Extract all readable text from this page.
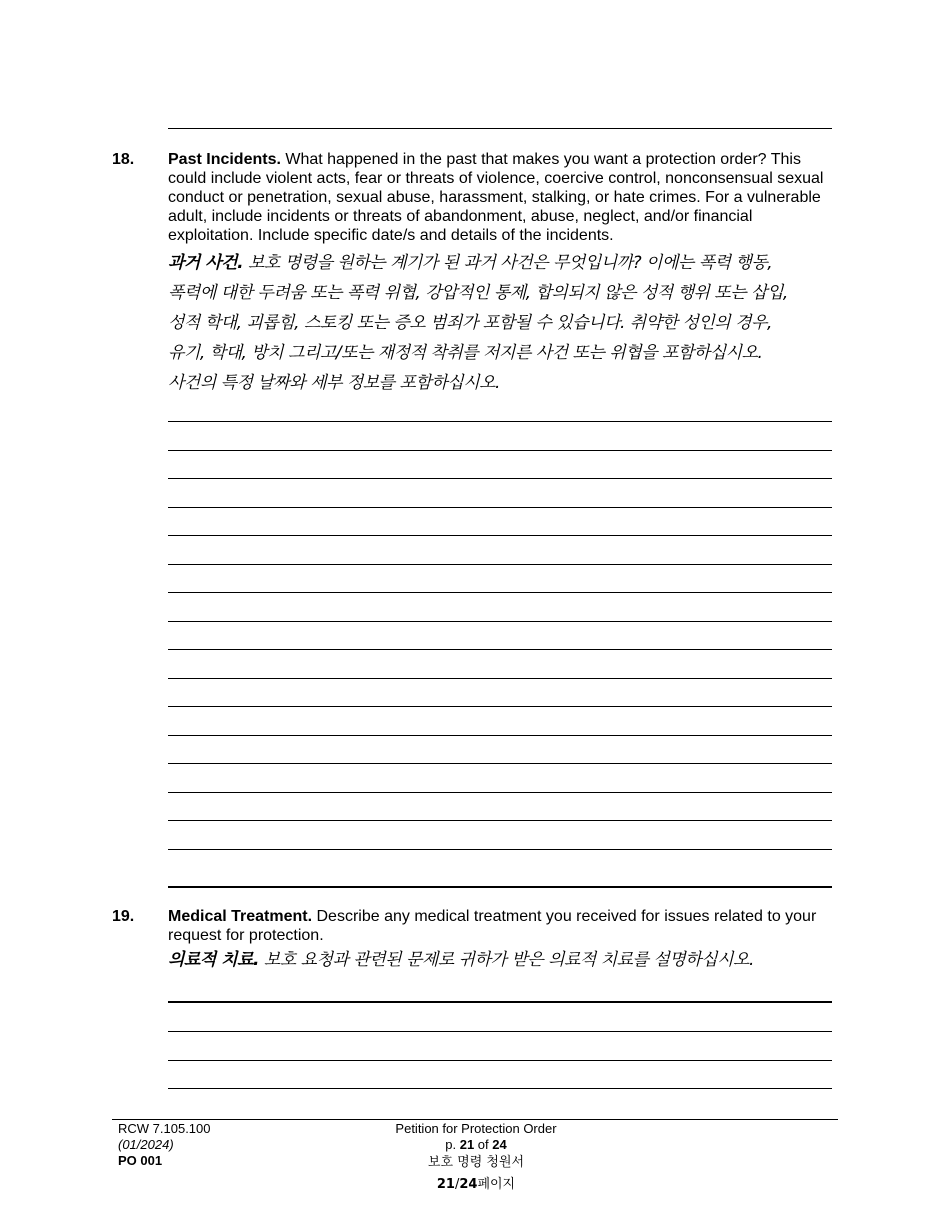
18. Past Incidents. What happened in the past that makes you want a protection order? This could include violent acts, fear or threats of violence, coercive control, nonconsensual sexual conduct or penetration, sexual abuse, harassment, stalking, or hate crimes. For a vulnerable adult, include incidents or threats of abandonment, abuse, neglect, and/or financial exploitation. Include specific date/s and details of the incidents.
과거 사건. 보호 명령을 원하는 계기가 된 과거 사건은 무엇입니까? 이에는 폭력 행동,
폭력에 대한 두려움 또는 폭력 위협, 강압적인 통제, 합의되지 않은 성적 행위 또는 삽입,
성적 학대, 괴롭힘, 스토킹 또는 증오 범죄가 포함될 수 있습니다. 취약한 성인의 경우,
유기, 학대, 방치 그리고/또는 재정적 착취를 저지른 사건 또는 위협을 포함하십시오.
사건의 특정 날짜와 세부 정보를 포함하십시오.
19. Medical Treatment. Describe any medical treatment you received for issues related to your request for protection.
의료적 치료. 보호 요청과 관련된 문제로 귀하가 받은 의료적 치료를 설명하십시오.
RCW 7.105.100
(01/2024)
PO 001
Petition for Protection Order
p. 21 of 24
보호 명령 청원서
21/24페이지
